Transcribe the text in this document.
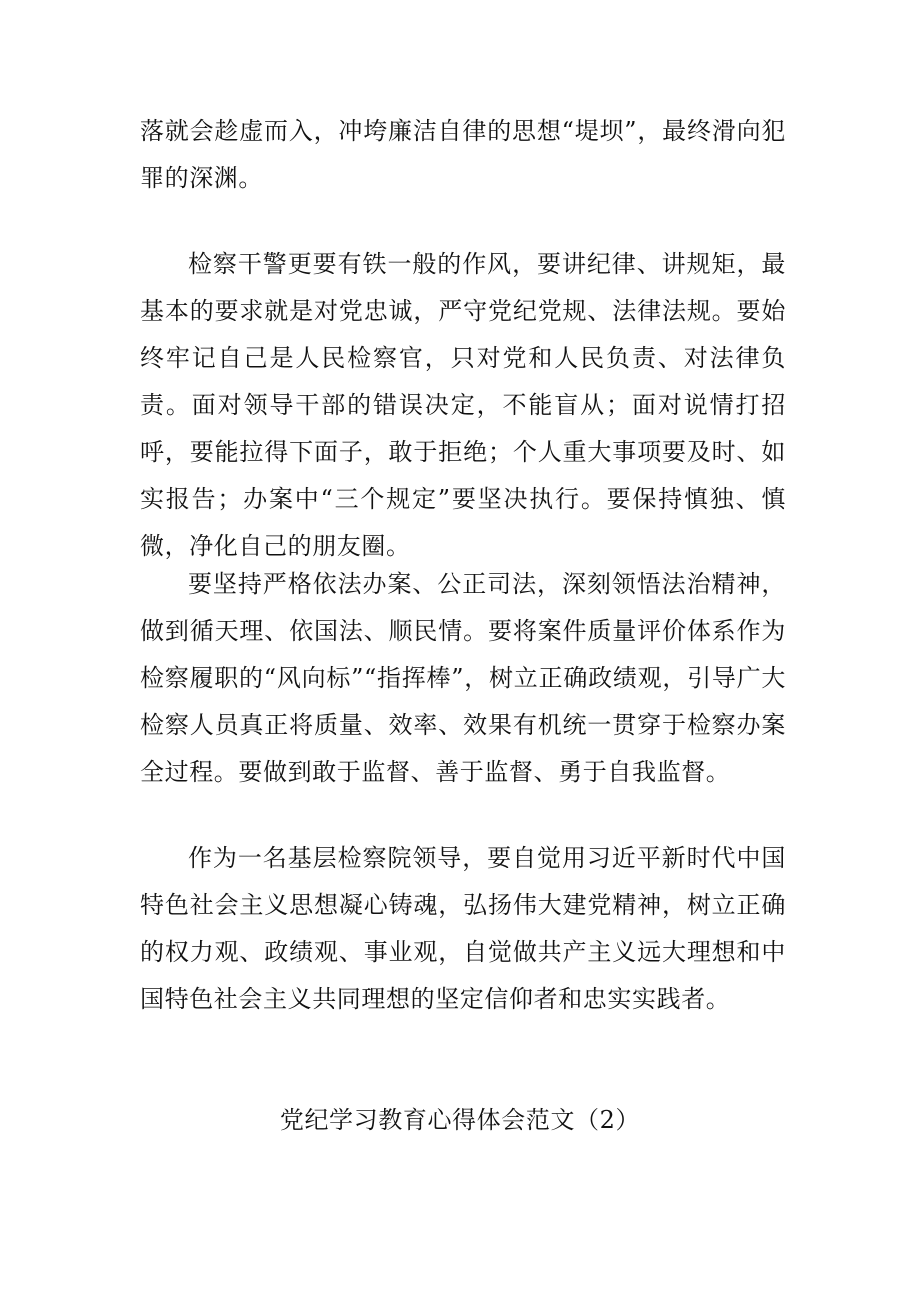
落就会趁虚而入，冲垮廉洁自律的思想“堤坝”，最终滑向犯罪的深渊。

检察干警更要有铁一般的作风，要讲纪律、讲规矩，最基本的要求就是对党忠诚，严守党纪党规、法律法规。要始终牢记自己是人民检察官，只对党和人民负责、对法律负责。面对领导干部的错误决定，不能盲从；面对说情打招呼，要能拉得下面子，敢于拒绝；个人重大事项要及时、如实报告；办案中“三个规定”要坚决执行。要保持慎独、慎微，净化自己的朋友圈。

要坚持严格依法办案、公正司法，深刻领悟法治精神，做到循天理、依国法、顺民情。要将案件质量评价体系作为检察履职的“风向标”“指挥棒”，树立正确政绩观，引导广大检察人员真正将质量、效率、效果有机统一贯穿于检察办案全过程。要做到敢于监督、善于监督、勇于自我监督。

作为一名基层检察院领导，要自觉用习近平新时代中国特色社会主义思想凝心铸魂，弘扬伟大建党精神，树立正确的权力观、政绩观、事业观，自觉做共产主义远大理想和中国特色社会主义共同理想的坚定信仰者和忠实实践者。

党纪学习教育心得体会范文（2）
